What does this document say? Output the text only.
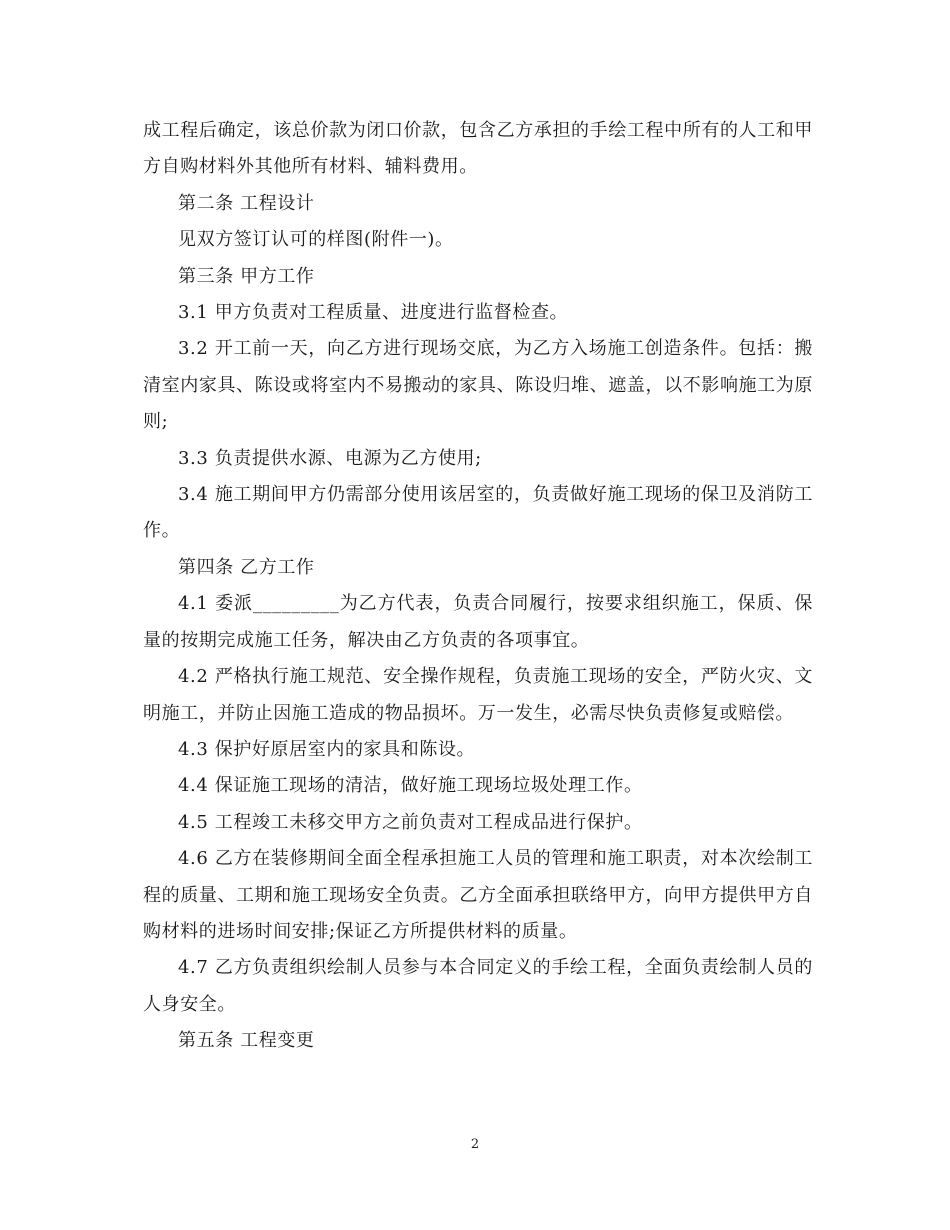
成工程后确定，该总价款为闭口价款，包含乙方承担的手绘工程中所有的人工和甲方自购材料外其他所有材料、辅料费用。

第二条 工程设计

见双方签订认可的样图(附件一)。

第三条 甲方工作

3.1 甲方负责对工程质量、进度进行监督检查。

3.2 开工前一天，向乙方进行现场交底，为乙方入场施工创造条件。包括：搬清室内家具、陈设或将室内不易搬动的家具、陈设归堆、遮盖，以不影响施工为原则;

3.3 负责提供水源、电源为乙方使用;

3.4 施工期间甲方仍需部分使用该居室的，负责做好施工现场的保卫及消防工作。

第四条 乙方工作

4.1 委派_________为乙方代表，负责合同履行，按要求组织施工，保质、保量的按期完成施工任务，解决由乙方负责的各项事宜。

4.2 严格执行施工规范、安全操作规程，负责施工现场的安全，严防火灾、文明施工，并防止因施工造成的物品损坏。万一发生，必需尽快负责修复或赔偿。

4.3 保护好原居室内的家具和陈设。

4.4 保证施工现场的清洁，做好施工现场垃圾处理工作。

4.5 工程竣工未移交甲方之前负责对工程成品进行保护。

4.6 乙方在装修期间全面全程承担施工人员的管理和施工职责，对本次绘制工程的质量、工期和施工现场安全负责。乙方全面承担联络甲方，向甲方提供甲方自购材料的进场时间安排;保证乙方所提供材料的质量。

4.7 乙方负责组织绘制人员参与本合同定义的手绘工程，全面负责绘制人员的人身安全。

第五条 工程变更

2
